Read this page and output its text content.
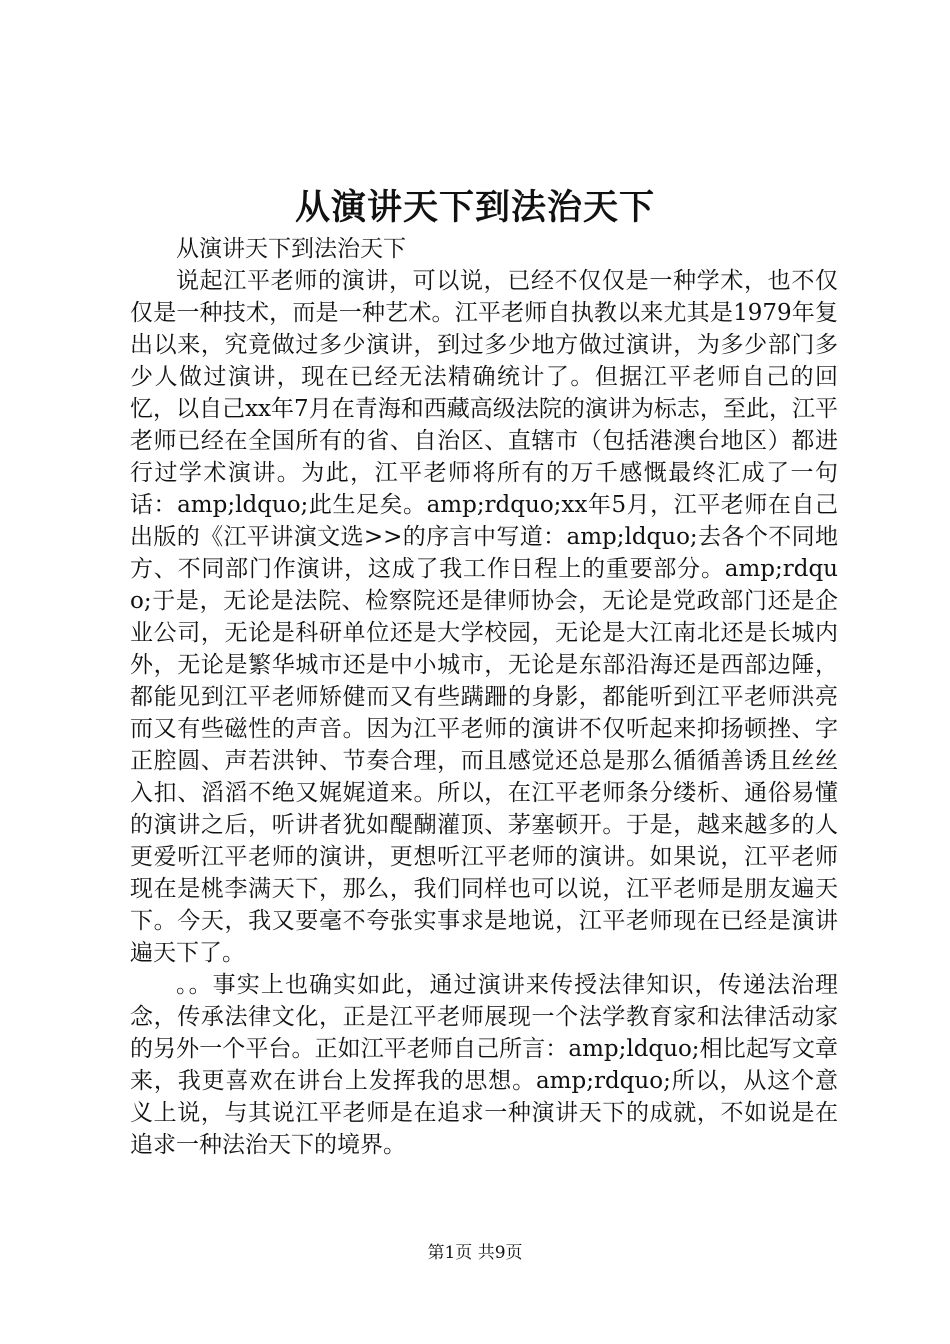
从演讲天下到法治天下

从演讲天下到法治天下

说起江平老师的演讲，可以说，已经不仅仅是一种学术，也不仅仅是一种技术，而是一种艺术。江平老师自执教以来尤其是1979年复出以来，究竟做过多少演讲，到过多少地方做过演讲，为多少部门多少人做过演讲，现在已经无法精确统计了。但据江平老师自己的回忆，以自己xx年7月在青海和西藏高级法院的演讲为标志，至此，江平老师已经在全国所有的省、自治区、直辖市（包括港澳台地区）都进行过学术演讲。为此，江平老师将所有的万千感慨最终汇成了一句话：amp;ldquo;此生足矣。amp;rdquo;xx年5月，江平老师在自己出版的《江平讲演文选>>的序言中写道：amp;ldquo;去各个不同地方、不同部门作演讲，这成了我工作日程上的重要部分。amp;rdquo;于是，无论是法院、检察院还是律师协会，无论是党政部门还是企业公司，无论是科研单位还是大学校园，无论是大江南北还是长城内外，无论是繁华城市还是中小城市，无论是东部沿海还是西部边陲，都能见到江平老师矫健而又有些蹒跚的身影，都能听到江平老师洪亮而又有些磁性的声音。因为江平老师的演讲不仅听起来抑扬顿挫、字正腔圆、声若洪钟、节奏合理，而且感觉还总是那么循循善诱且丝丝入扣、滔滔不绝又娓娓道来。所以，在江平老师条分缕析、通俗易懂的演讲之后，听讲者犹如醍醐灌顶、茅塞顿开。于是，越来越多的人更爱听江平老师的演讲，更想听江平老师的演讲。如果说，江平老师现在是桃李满天下，那么，我们同样也可以说，江平老师是朋友遍天下。今天，我又要毫不夸张实事求是地说，江平老师现在已经是演讲遍天下了。

。。事实上也确实如此，通过演讲来传授法律知识，传递法治理念，传承法律文化，正是江平老师展现一个法学教育家和法律活动家的另外一个平台。正如江平老师自己所言：amp;ldquo;相比起写文章来，我更喜欢在讲台上发挥我的思想。amp;rdquo;所以，从这个意义上说，与其说江平老师是在追求一种演讲天下的成就，不如说是在追求一种法治天下的境界。

第1页 共9页
